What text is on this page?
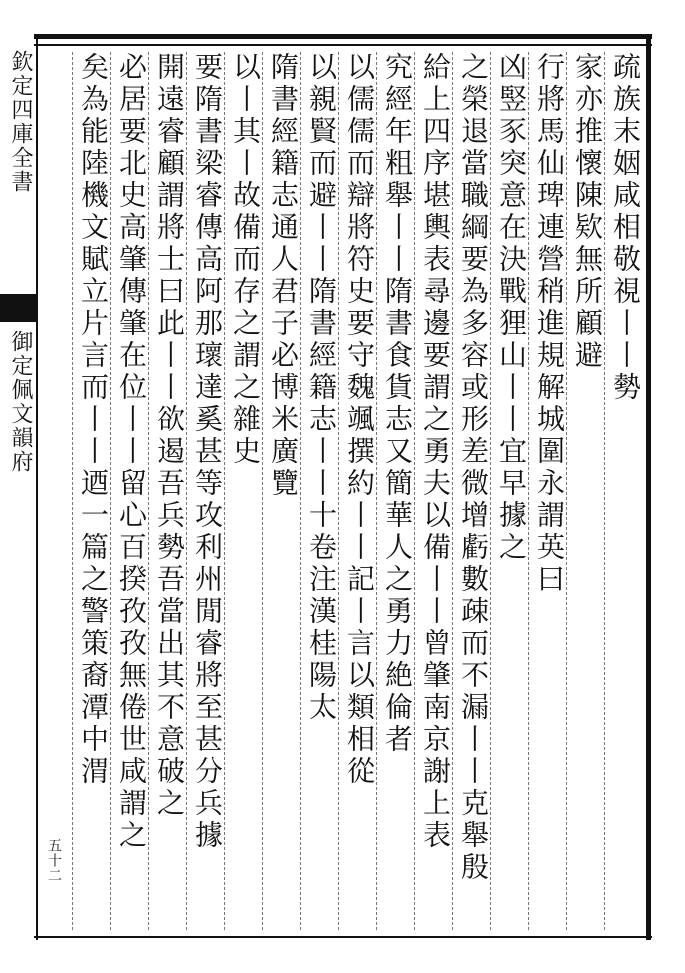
欽定四庫全書
御定佩文韻府
五十二
疏族末姻咸相敬視丨丨勢
家亦推懷陳欵無所顧避
行將馬仙琕連營稍進規解城圍永謂英曰
凶竪豕突意在決戰狸山丨丨宜早據之
之榮退當職綱要為多容或形差微增虧數疎而不漏丨丨克舉殷
給上四序堪輿表尋邊要謂之勇夫以備丨丨曾肇南京謝上表
究經年粗舉丨丨隋書食貨志又簡華人之勇力絶倫者
以儒儒而辯將符史要守魏颯撰約丨丨記丨言以類相從
以親賢而避丨丨隋書經籍志丨丨十卷注漢桂陽太
隋書經籍志通人君子必博米廣覽
以丨其丨故備而存之謂之雜史
要隋書梁睿傳高阿那瓌達奚甚等攻利州閒睿將至甚分兵據
開遠睿顧謂將士曰此丨丨欲遏吾兵勢吾當出其不意破之
必居要北史高肇傳肇在位丨丨留心百揆孜孜無倦世咸謂之
矣為能陸機文賦立片言而丨丨迺一篇之警策裔潭中渭
